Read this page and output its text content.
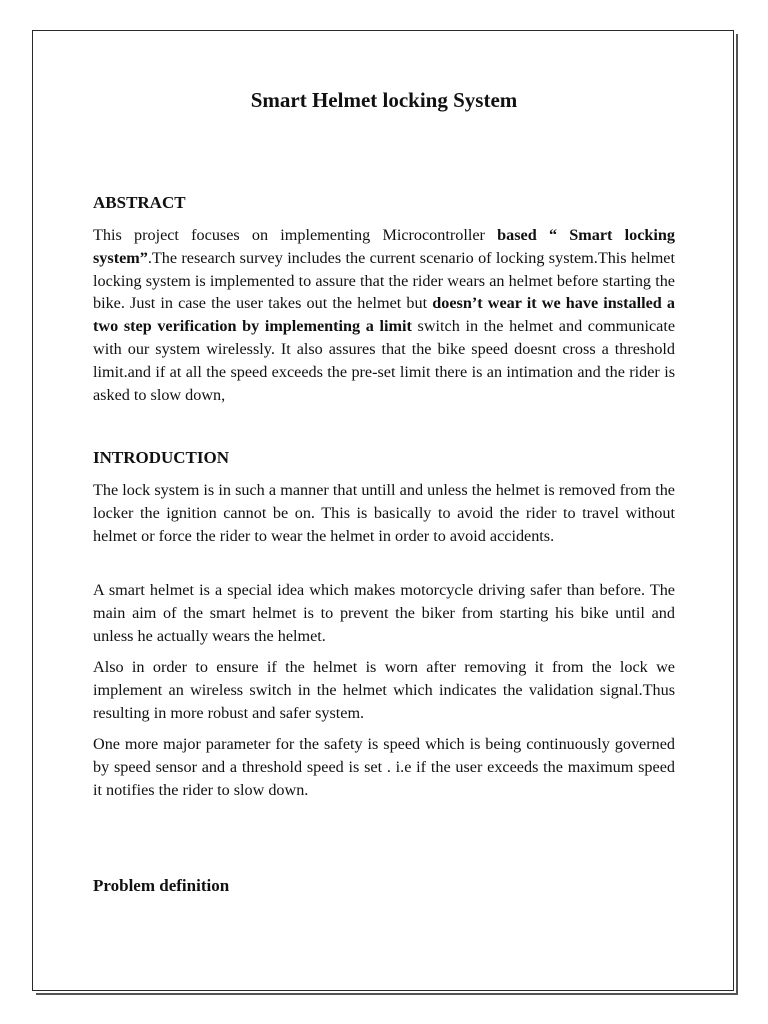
Smart Helmet locking System
ABSTRACT

This project focuses on implementing Microcontroller based “ Smart locking system”.The research survey includes the current scenario of locking system.This helmet locking system is implemented to assure that the rider wears an helmet before starting the bike. Just in case the user takes out the helmet but doesn’t wear it we have installed a two step verification by implementing a limit switch in the helmet and communicate with our system wirelessly. It also assures that the bike speed doesnt cross a threshold limit.and if at all the speed exceeds the pre-set limit there is an intimation and the rider is asked to slow down,

INTRODUCTION

The lock system is in such a manner that untill and unless the helmet is removed from the locker the ignition cannot be on. This is basically to avoid the rider to travel without helmet or force the rider to wear the helmet in order to avoid accidents.

A smart helmet is a special idea which makes motorcycle driving safer than before. The main aim of the smart helmet is to prevent the biker from starting his bike until and unless he actually wears the helmet.

Also in order to ensure if the helmet is worn after removing it from the lock we implement an wireless switch in the helmet which indicates the validation signal.Thus resulting in more robust and safer system.

One more major parameter for the safety is speed which is being continuously governed by speed sensor and a threshold speed is set . i.e if the user exceeds the maximum speed it notifies the rider to slow down.

Problem definition
